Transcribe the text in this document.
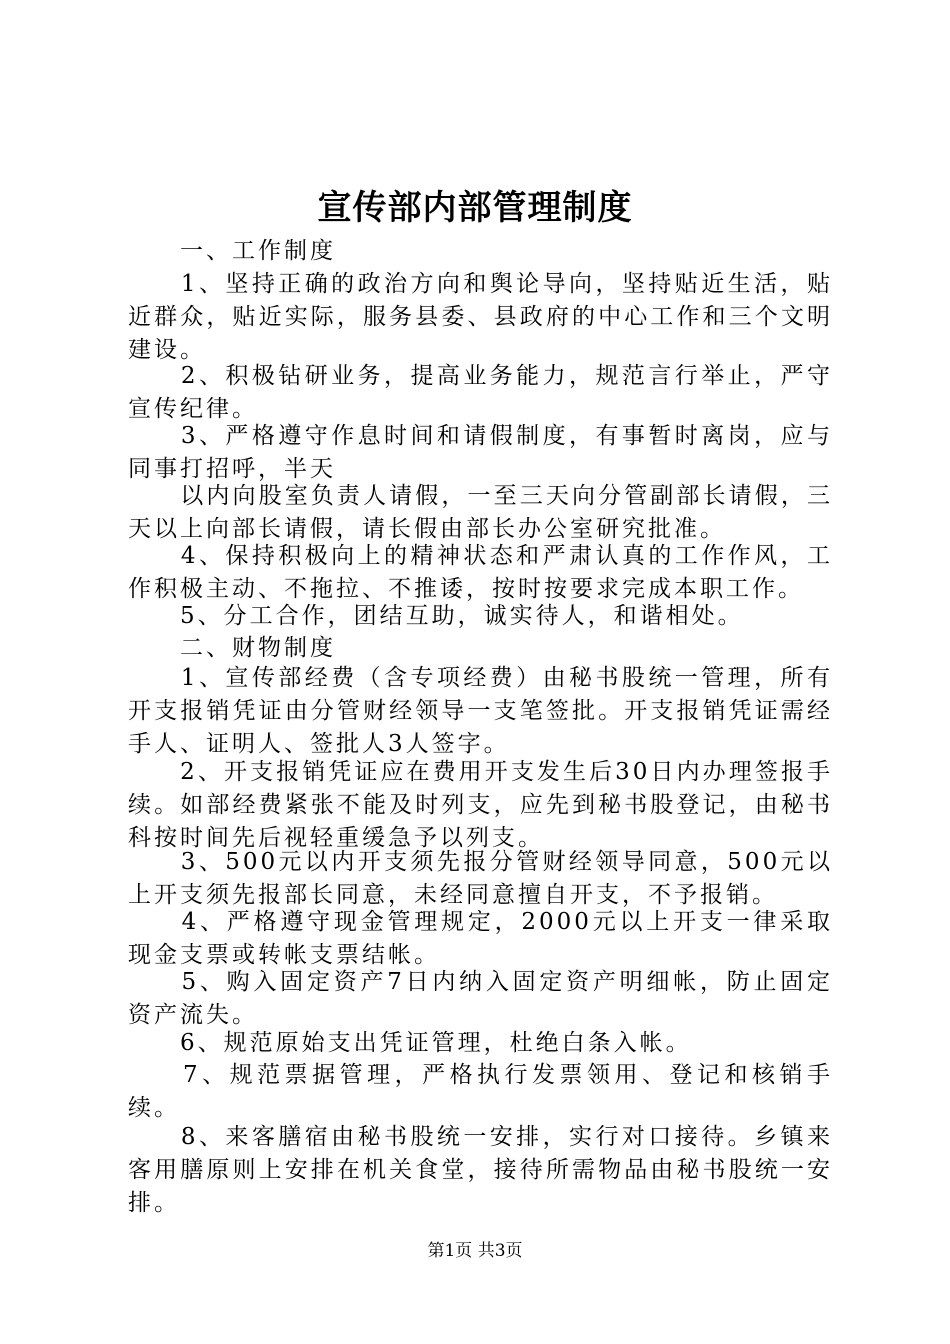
宣传部内部管理制度

　　一、工作制度

　　1、坚持正确的政治方向和舆论导向，坚持贴近生活，贴近群众，贴近实际，服务县委、县政府的中心工作和三个文明建设。

　　2、积极钻研业务，提高业务能力，规范言行举止，严守宣传纪律。

　　3、严格遵守作息时间和请假制度，有事暂时离岗，应与同事打招呼，半天

　　以内向股室负责人请假，一至三天向分管副部长请假，三天以上向部长请假，请长假由部长办公室研究批准。

　　4、保持积极向上的精神状态和严肃认真的工作作风，工作积极主动、不拖拉、不推诿，按时按要求完成本职工作。

　　5、分工合作，团结互助，诚实待人，和谐相处。

　　二、财物制度

　　1、宣传部经费（含专项经费）由秘书股统一管理，所有开支报销凭证由分管财经领导一支笔签批。开支报销凭证需经手人、证明人、签批人3人签字。

　　2、开支报销凭证应在费用开支发生后30日内办理签报手续。如部经费紧张不能及时列支，应先到秘书股登记，由秘书科按时间先后视轻重缓急予以列支。

　　3、500元以内开支须先报分管财经领导同意，500元以上开支须先报部长同意，未经同意擅自开支，不予报销。

　　4、严格遵守现金管理规定，2000元以上开支一律采取现金支票或转帐支票结帐。

　　5、购入固定资产7日内纳入固定资产明细帐，防止固定资产流失。

　　6、规范原始支出凭证管理，杜绝白条入帐。

　　7、规范票据管理，严格执行发票领用、登记和核销手续。

　　8、来客膳宿由秘书股统一安排，实行对口接待。乡镇来客用膳原则上安排在机关食堂，接待所需物品由秘书股统一安排。

第1页 共3页
